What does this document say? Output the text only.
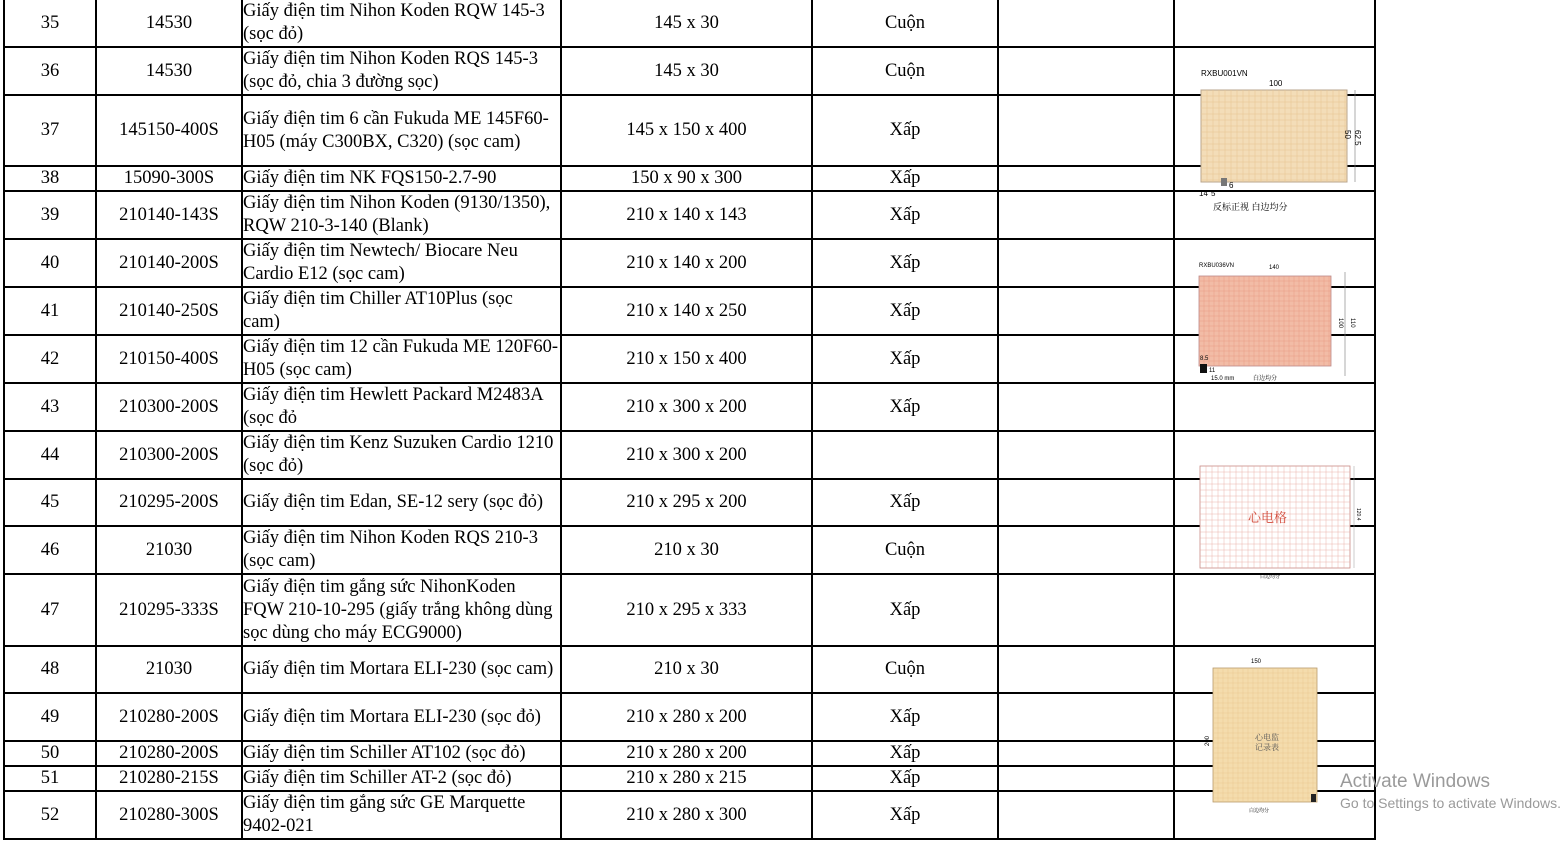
35	14530	Giấy điện tim Nihon Koden RQW 145-3
(sọc đỏ)	145 x 30	Cuộn		
36	14530	Giấy điện tim Nihon Koden RQS 145-3
(sọc đỏ, chia 3 đường sọc)	145 x 30	Cuộn		
37	145150-400S	Giấy điện tim 6 cần Fukuda ME 145F60-
H05 (máy C300BX, C320) (sọc cam)	145 x 150 x 400	Xấp		
38	15090-300S	Giấy điện tim NK FQS150-2.7-90	150 x 90 x 300	Xấp		
39	210140-143S	Giấy điện tim Nihon Koden (9130/1350),
RQW 210-3-140 (Blank)	210 x 140 x 143	Xấp		
40	210140-200S	Giấy điện tim Newtech/ Biocare Neu
Cardio E12 (sọc cam)	210 x 140 x 200	Xấp		
41	210140-250S	Giấy điện tim Chiller AT10Plus (sọc
cam)	210 x 140 x 250	Xấp		
42	210150-400S	Giấy điện tim 12 cần Fukuda ME 120F60-
H05 (sọc cam)	210 x 150 x 400	Xấp		
43	210300-200S	Giấy điện tim Hewlett Packard M2483A
(sọc đỏ	210 x 300 x 200	Xấp		
44	210300-200S	Giấy điện tim Kenz Suzuken Cardio 1210
(sọc đỏ)	210 x 300 x 200			
45	210295-200S	Giấy điện tim Edan, SE-12 sery (sọc đỏ)	210 x 295 x 200	Xấp		
46	21030	Giấy điện tim Nihon Koden RQS 210-3
(sọc cam)	210 x 30	Cuộn		
47	210295-333S	Giấy điện tim gắng sức NihonKoden
FQW 210-10-295 (giấy trắng không dùng
sọc dùng cho máy ECG9000)	210 x 295 x 333	Xấp		
48	21030	Giấy điện tim Mortara ELI-230 (sọc cam)	210 x 30	Cuộn		
49	210280-200S	Giấy điện tim Mortara ELI-230 (sọc đỏ)	210 x 280 x 200	Xấp		
50	210280-200S	Giấy điện tim Schiller AT102 (sọc đỏ)	210 x 280 x 200	Xấp		
51	210280-215S	Giấy điện tim Schiller AT-2 (sọc đỏ)	210 x 280 x 215	Xấp		
52	210280-300S	Giấy điện tim gắng sức GE Marquette
9402-021	210 x 280 x 300	Xấp		
RXBU001VN
100
50 62.5
14 5
6
反标正视 白边均分
RXBU036VN	140
100 110
8.5
11
15.0 mm	白边均分
心电格	120.4
白边均分
150
心电监
记录表
200
白边均分
Activate Windows
Go to Settings to activate Windows.
